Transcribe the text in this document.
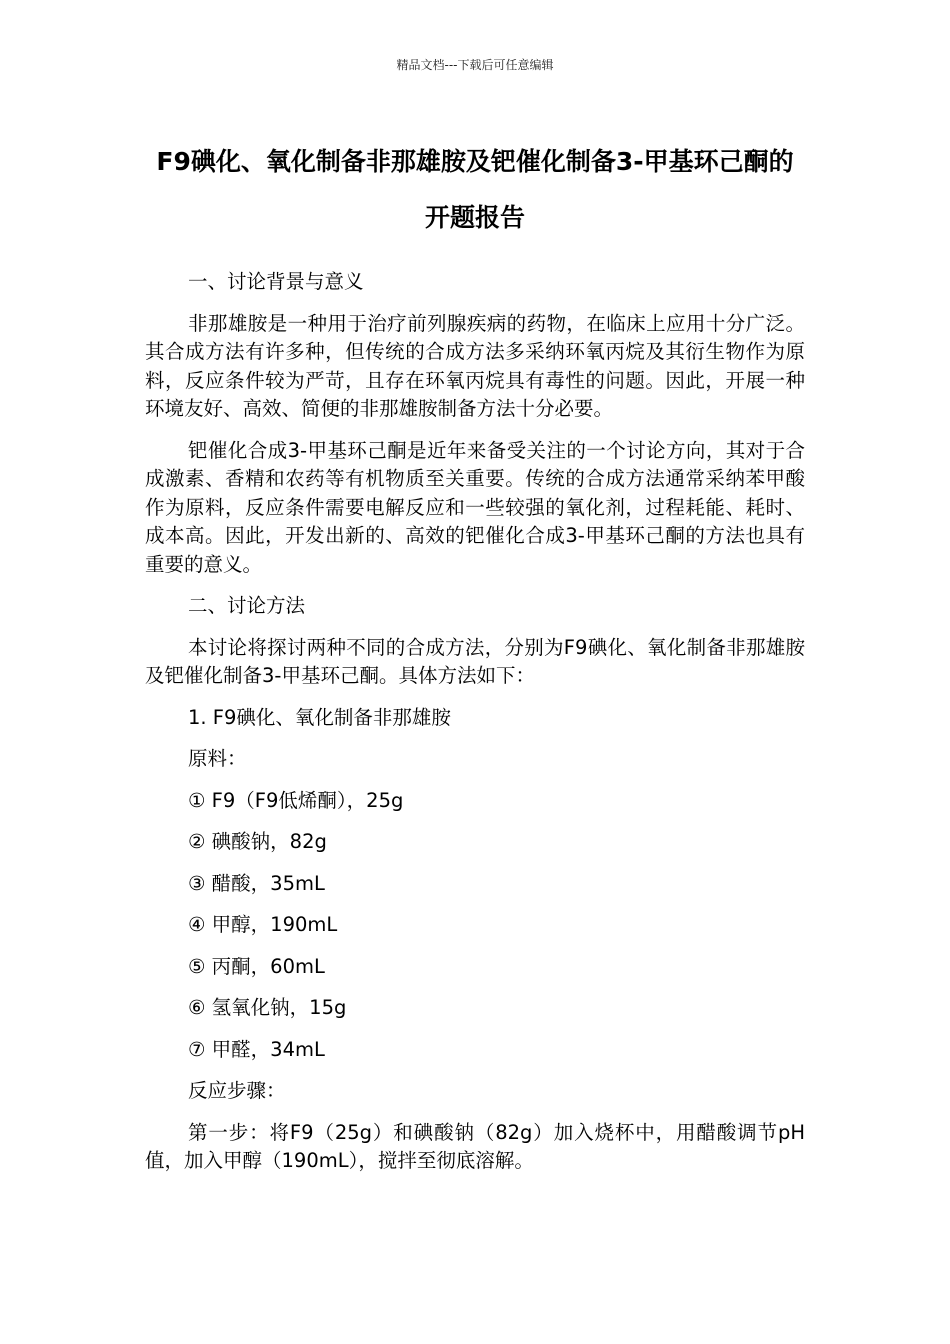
精品文档---下载后可任意编辑
F9碘化、氧化制备非那雄胺及钯催化制备3-甲基环己酮的开题报告

一、讨论背景与意义

非那雄胺是一种用于治疗前列腺疾病的药物，在临床上应用十分广泛。其合成方法有许多种，但传统的合成方法多采纳环氧丙烷及其衍生物作为原料，反应条件较为严苛，且存在环氧丙烷具有毒性的问题。因此，开展一种环境友好、高效、简便的非那雄胺制备方法十分必要。

钯催化合成3-甲基环己酮是近年来备受关注的一个讨论方向，其对于合成激素、香精和农药等有机物质至关重要。传统的合成方法通常采纳苯甲酸作为原料，反应条件需要电解反应和一些较强的氧化剂，过程耗能、耗时、成本高。因此，开发出新的、高效的钯催化合成3-甲基环己酮的方法也具有重要的意义。

二、讨论方法

本讨论将探讨两种不同的合成方法，分别为F9碘化、氧化制备非那雄胺及钯催化制备3-甲基环己酮。具体方法如下：

1. F9碘化、氧化制备非那雄胺

原料：

① F9（F9低烯酮），25g

② 碘酸钠，82g

③ 醋酸，35mL

④ 甲醇，190mL

⑤ 丙酮，60mL

⑥ 氢氧化钠，15g

⑦ 甲醛，34mL

反应步骤：

第一步：将F9（25g）和碘酸钠（82g）加入烧杯中，用醋酸调节pH值，加入甲醇（190mL），搅拌至彻底溶解。
